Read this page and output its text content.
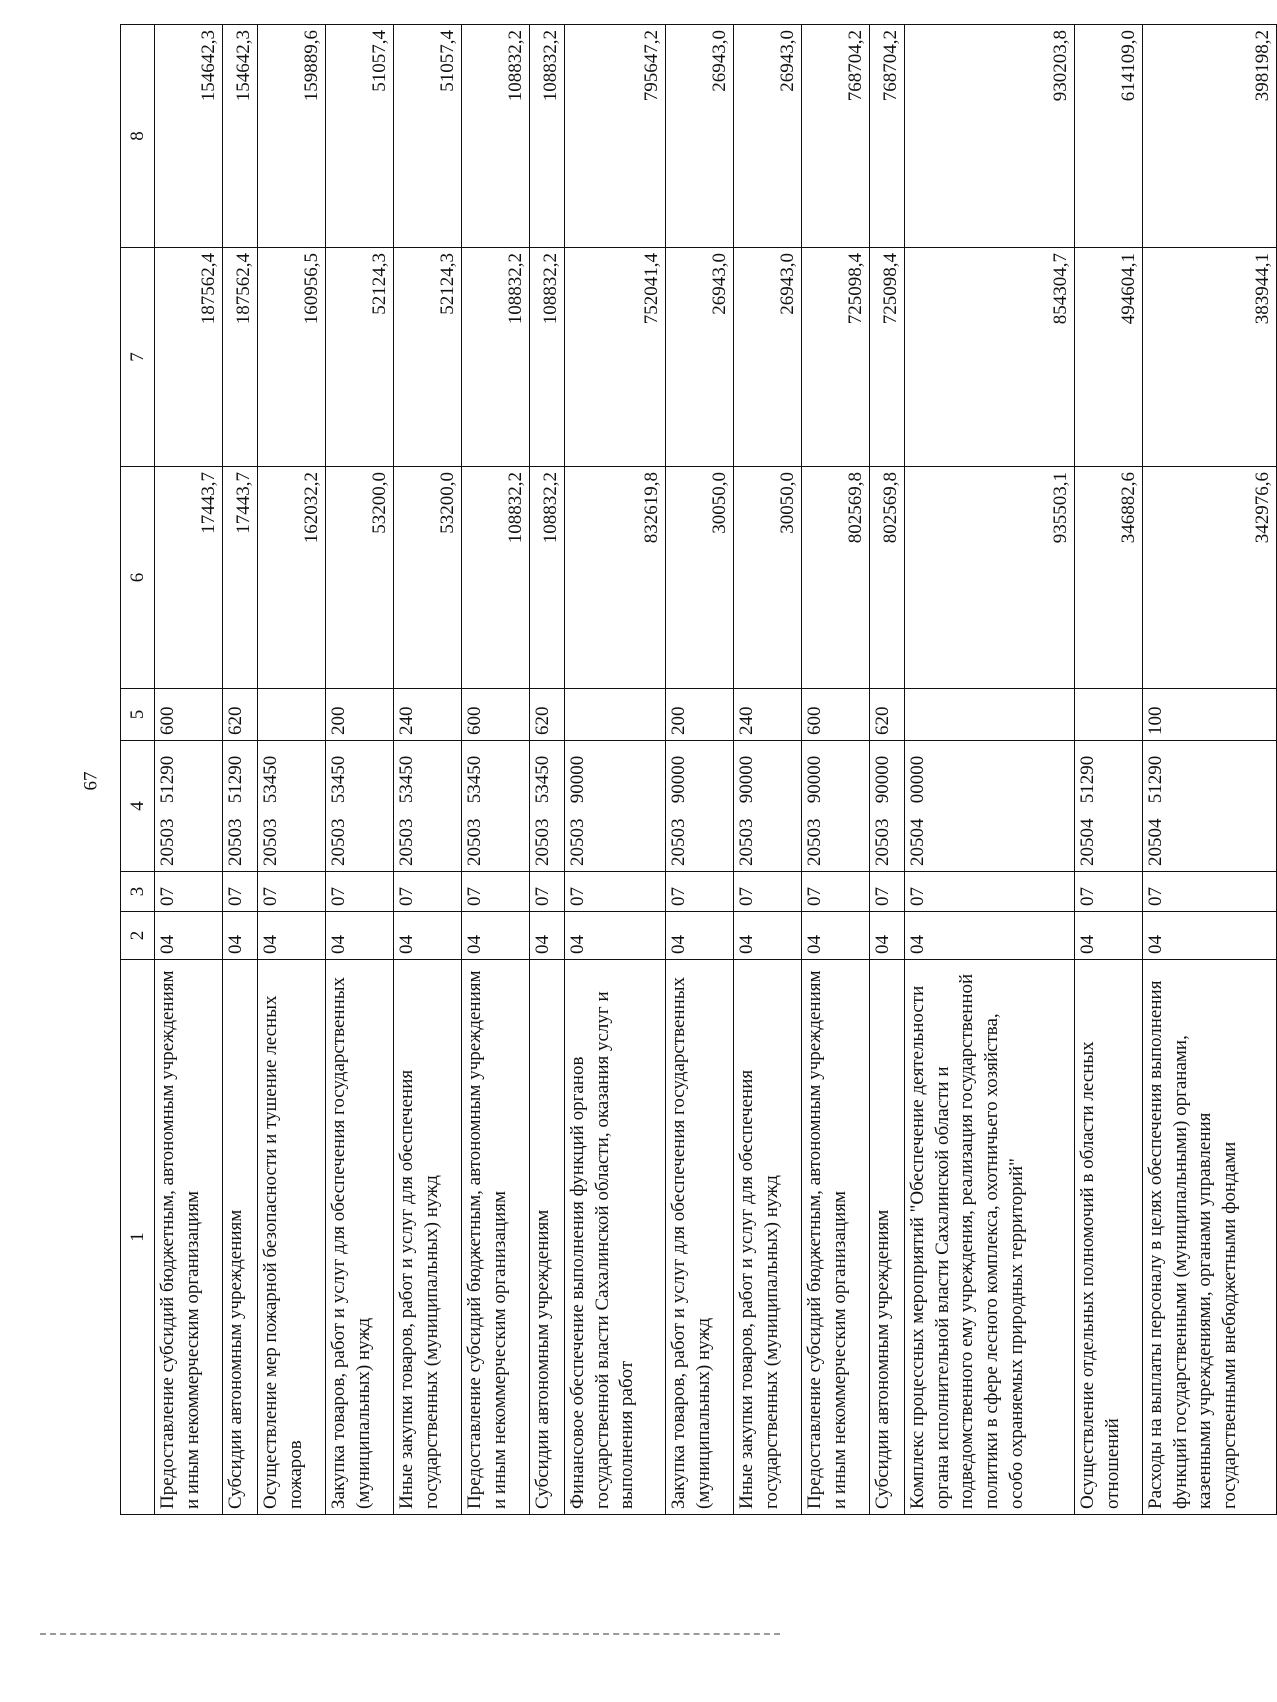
67
1	2	3	4	5	6	7	8
Предоставление субсидий бюджетным, автономным учреждениям и иным некоммерческим организациям	04	07	20503 51290	600	17443,7	187562,4	154642,3
Субсидии автономным учреждениям	04	07	20503 51290	620	17443,7	187562,4	154642,3
Осуществление мер пожарной безопасности и тушение лесных пожаров	04	07	20503 53450		162032,2	160956,5	159889,6
Закупка товаров, работ и услуг для обеспечения государственных (муниципальных) нужд	04	07	20503 53450	200	53200,0	52124,3	51057,4
Иные закупки товаров, работ и услуг для обеспечения государственных (муниципальных) нужд	04	07	20503 53450	240	53200,0	52124,3	51057,4
Предоставление субсидий бюджетным, автономным учреждениям и иным некоммерческим организациям	04	07	20503 53450	600	108832,2	108832,2	108832,2
Субсидии автономным учреждениям	04	07	20503 53450	620	108832,2	108832,2	108832,2
Финансовое обеспечение выполнения функций органов государственной власти Сахалинской области, оказания услуг и выполнения работ	04	07	20503 90000		832619,8	752041,4	795647,2
Закупка товаров, работ и услуг для обеспечения государственных (муниципальных) нужд	04	07	20503 90000	200	30050,0	26943,0	26943,0
Иные закупки товаров, работ и услуг для обеспечения государственных (муниципальных) нужд	04	07	20503 90000	240	30050,0	26943,0	26943,0
Предоставление субсидий бюджетным, автономным учреждениям и иным некоммерческим организациям	04	07	20503 90000	600	802569,8	725098,4	768704,2
Субсидии автономным учреждениям	04	07	20503 90000	620	802569,8	725098,4	768704,2
Комплекс процессных мероприятий "Обеспечение деятельности органа исполнительной власти Сахалинской области и подведомственного ему учреждения, реализация государственной политики в сфере лесного комплекса, охотничьего хозяйства, особо охраняемых природных территорий"	04	07	20504 00000		935503,1	854304,7	930203,8
Осуществление отдельных полномочий в области лесных отношений	04	07	20504 51290		346882,6	494604,1	614109,0
Расходы на выплаты персоналу в целях обеспечения выполнения функций государственными (муниципальными) органами, казенными учреждениями, органами управления государственными внебюджетными фондами	04	07	20504 51290	100	342976,6	383944,1	398198,2
